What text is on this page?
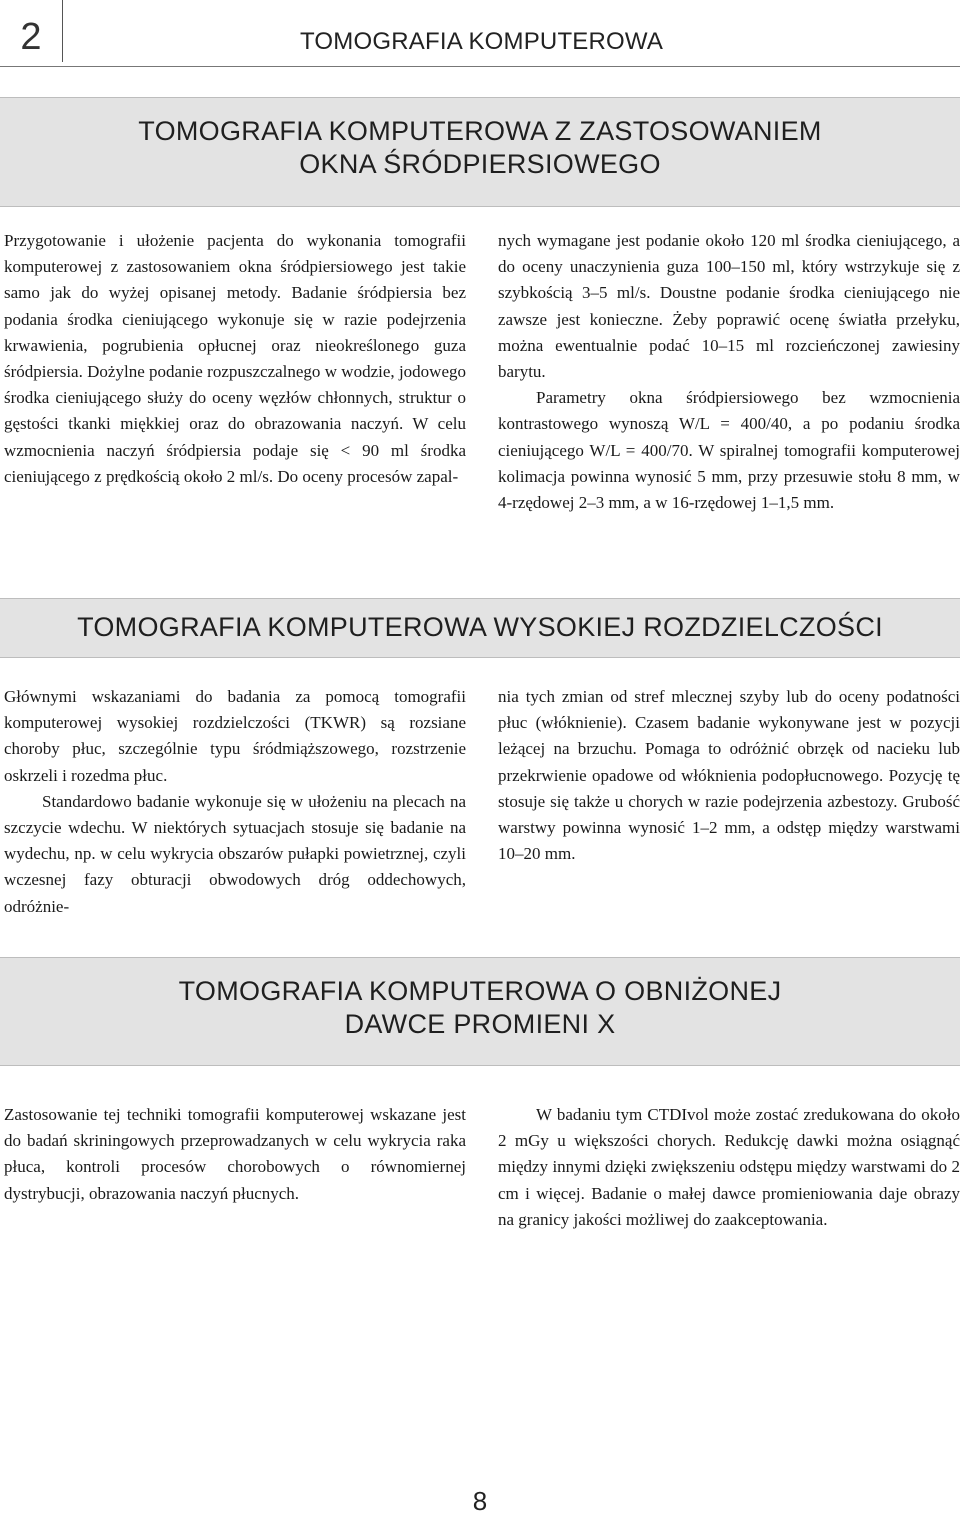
2	TOMOGRAFIA KOMPUTEROWA
TOMOGRAFIA KOMPUTEROWA Z ZASTOSOWANIEM
OKNA ŚRÓDPIERSIOWEGO

Przygotowanie i ułożenie pacjenta do wykonania tomografii komputerowej z zastosowaniem okna śródpiersiowego jest takie samo jak do wyżej opisanej metody. Badanie śródpiersia bez podania środka cieniującego wykonuje się w razie podejrzenia krwawienia, pogrubienia opłucnej oraz nieokreślonego guza śródpiersia. Dożylne podanie rozpuszczalnego w wodzie, jodowego środka cieniującego służy do oceny węzłów chłonnych, struktur o gęstości tkanki miękkiej oraz do obrazowania naczyń. W celu wzmocnienia naczyń śródpiersia podaje się < 90 ml środka cieniującego z prędkością około 2 ml/s. Do oceny procesów zapal-

nych wymagane jest podanie około 120 ml środka cieniującego, a do oceny unaczynienia guza 100–150 ml, który wstrzykuje się z szybkością 3–5 ml/s. Doustne podanie środka cieniującego nie zawsze jest konieczne. Żeby poprawić ocenę światła przełyku, można ewentualnie podać 10–15 ml rozcieńczonej zawiesiny barytu.

Parametry okna śródpiersiowego bez wzmocnienia kontrastowego wynoszą W/L = 400/40, a po podaniu środka cieniującego W/L = 400/70. W spiralnej tomografii komputerowej kolimacja powinna wynosić 5 mm, przy przesuwie stołu 8 mm, w 4-rzędowej 2–3 mm, a w 16-rzędowej 1–1,5 mm.

TOMOGRAFIA KOMPUTEROWA WYSOKIEJ ROZDZIELCZOŚCI

Głównymi wskazaniami do badania za pomocą tomografii komputerowej wysokiej rozdzielczości (TKWR) są rozsiane choroby płuc, szczególnie typu śródmiąższowego, rozstrzenie oskrzeli i rozedma płuc.

Standardowo badanie wykonuje się w ułożeniu na plecach na szczycie wdechu. W niektórych sytuacjach stosuje się badanie na wydechu, np. w celu wykrycia obszarów pułapki powietrznej, czyli wczesnej fazy obturacji obwodowych dróg oddechowych, odróżnie-

nia tych zmian od stref mlecznej szyby lub do oceny podatności płuc (włóknienie). Czasem badanie wykonywane jest w pozycji leżącej na brzuchu. Pomaga to odróżnić obrzęk od nacieku lub przekrwienie opadowe od włóknienia podopłucnowego. Pozycję tę stosuje się także u chorych w razie podejrzenia azbestozy. Grubość warstwy powinna wynosić 1–2 mm, a odstęp między warstwami 10–20 mm.

TOMOGRAFIA KOMPUTEROWA O OBNIŻONEJ
DAWCE PROMIENI X

Zastosowanie tej techniki tomografii komputerowej wskazane jest do badań skriningowych przeprowadzanych w celu wykrycia raka płuca, kontroli procesów chorobowych o równomiernej dystrybucji, obrazowania naczyń płucnych.

W badaniu tym CTDIvol może zostać zredukowana do około 2 mGy u większości chorych. Redukcję dawki można osiągnąć między innymi dzięki zwiększeniu odstępu między warstwami do 2 cm i więcej. Badanie o małej dawce promieniowania daje obrazy na granicy jakości możliwej do zaakceptowania.

8
